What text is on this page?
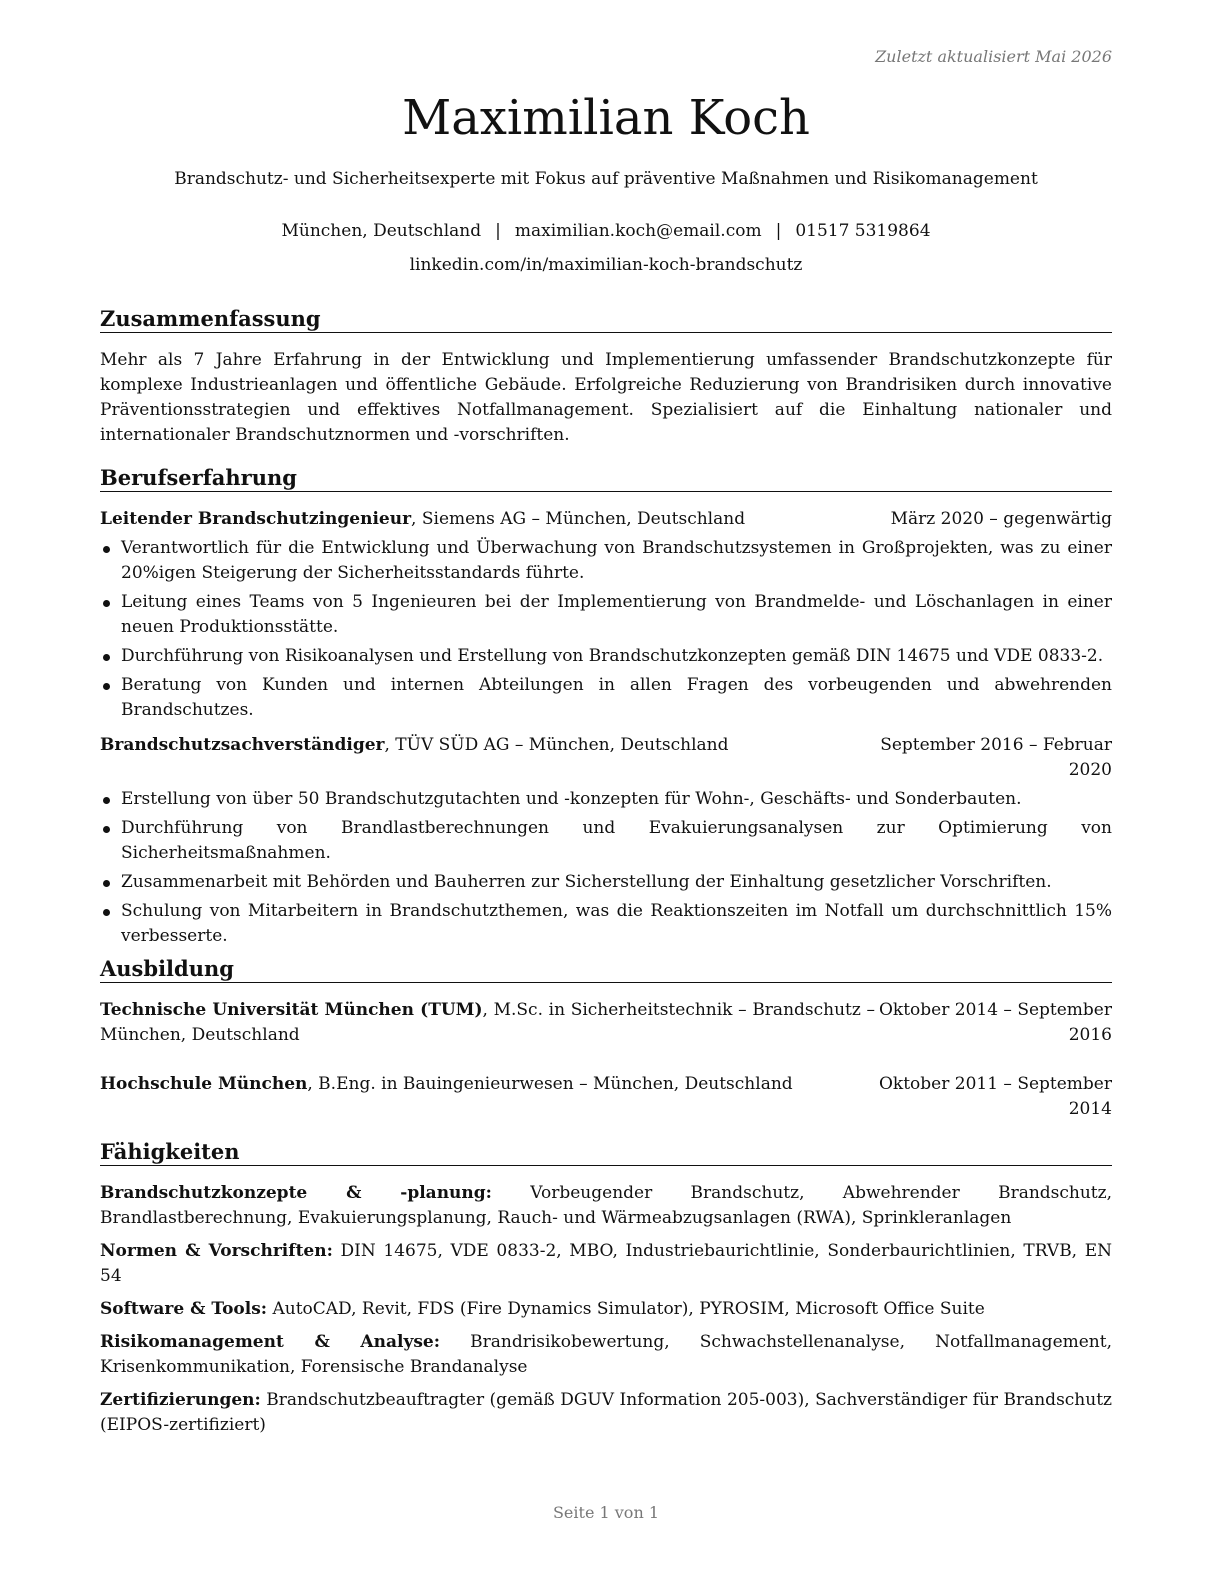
Zuletzt aktualisiert Mai 2026
Maximilian Koch
Brandschutz- und Sicherheitsexperte mit Fokus auf präventive Maßnahmen und Risikomanagement
München, Deutschland | maximilian.koch@email.com | 01517 5319864
linkedin.com/in/maximilian-koch-brandschutz
Zusammenfassung
Mehr als 7 Jahre Erfahrung in der Entwicklung und Implementierung umfassender Brandschutzkonzepte für komplexe Industrieanlagen und öffentliche Gebäude. Erfolgreiche Reduzierung von Brandrisiken durch innovative Präventionsstrategien und effektives Notfallmanagement. Spezialisiert auf die Einhaltung nationaler und internationaler Brandschutznormen und -vorschriften.
Berufserfahrung
Leitender Brandschutzingenieur, Siemens AG – München, Deutschland	März 2020 – gegenwärtig
Verantwortlich für die Entwicklung und Überwachung von Brandschutzsystemen in Großprojekten, was zu einer 20%igen Steigerung der Sicherheitsstandards führte.
Leitung eines Teams von 5 Ingenieuren bei der Implementierung von Brandmelde- und Löschanlagen in einer neuen Produktionsstätte.
Durchführung von Risikoanalysen und Erstellung von Brandschutzkonzepten gemäß DIN 14675 und VDE 0833-2.
Beratung von Kunden und internen Abteilungen in allen Fragen des vorbeugenden und abwehrenden Brandschutzes.
Brandschutzsachverständiger, TÜV SÜD AG – München, Deutschland	September 2016 – Februar 2020
Erstellung von über 50 Brandschutzgutachten und -konzepten für Wohn-, Geschäfts- und Sonderbauten.
Durchführung von Brandlastberechnungen und Evakuierungsanalysen zur Optimierung von Sicherheitsmaßnahmen.
Zusammenarbeit mit Behörden und Bauherren zur Sicherstellung der Einhaltung gesetzlicher Vorschriften.
Schulung von Mitarbeitern in Brandschutzthemen, was die Reaktionszeiten im Notfall um durchschnittlich 15% verbesserte.
Ausbildung
Technische Universität München (TUM), M.Sc. in Sicherheitstechnik – Brandschutz – München, Deutschland
Oktober 2014 – September 2016
Hochschule München, B.Eng. in Bauingenieurwesen – München, Deutschland	Oktober 2011 – September 2014
Fähigkeiten
Brandschutzkonzepte & -planung: Vorbeugender Brandschutz, Abwehrender Brandschutz, Brandlastberechnung, Evakuierungsplanung, Rauch- und Wärmeabzugsanlagen (RWA), Sprinkleranlagen
Normen & Vorschriften: DIN 14675, VDE 0833-2, MBO, Industriebaurichtlinie, Sonderbaurichtlinien, TRVB, EN 54
Software & Tools: AutoCAD, Revit, FDS (Fire Dynamics Simulator), PYROSIM, Microsoft Office Suite
Risikomanagement & Analyse: Brandrisikobewertung, Schwachstellenanalyse, Notfallmanagement, Krisenkommunikation, Forensische Brandanalyse
Zertifizierungen: Brandschutzbeauftragter (gemäß DGUV Information 205-003), Sachverständiger für Brandschutz (EIPOS-zertifiziert)
Seite 1 von 1
